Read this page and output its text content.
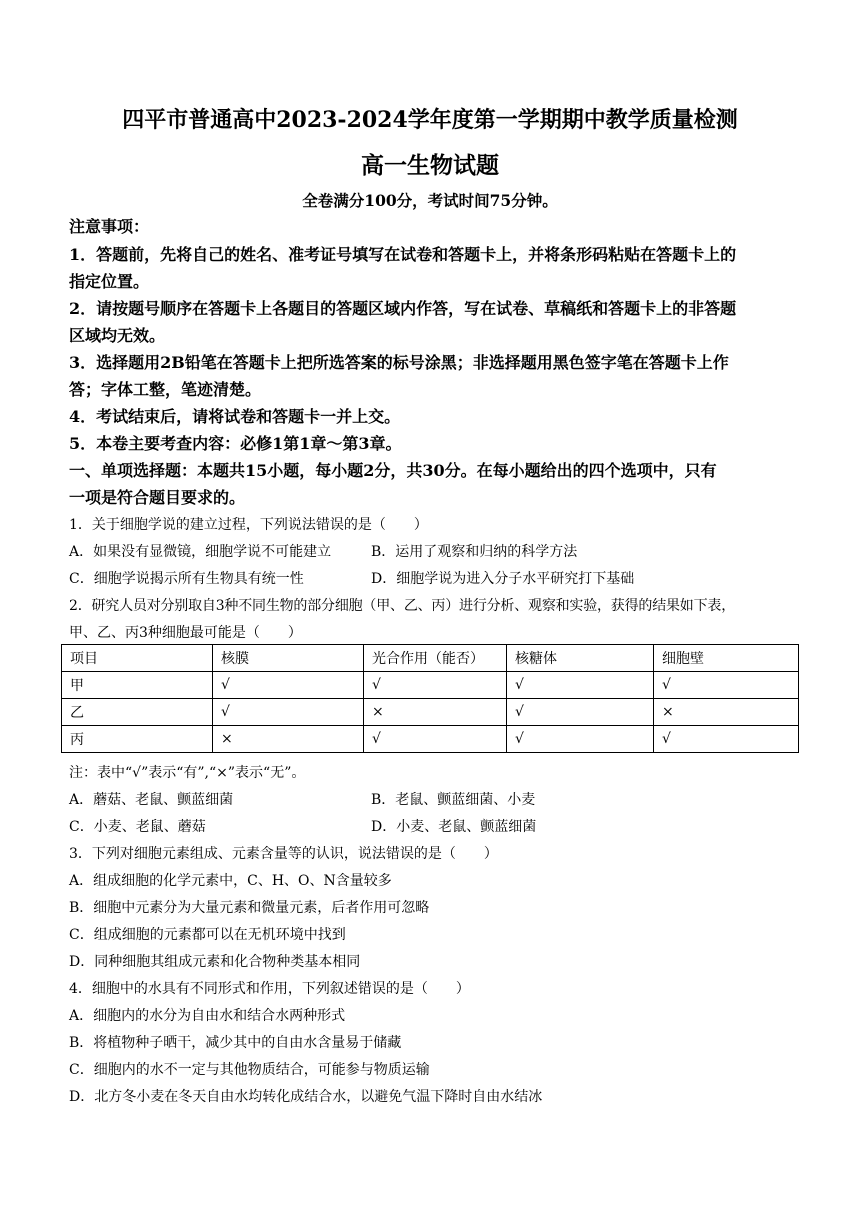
四平市普通高中2023-2024学年度第一学期期中教学质量检测
高一生物试题
全卷满分100分，考试时间75分钟。
注意事项：
1．答题前，先将自己的姓名、准考证号填写在试卷和答题卡上，并将条形码粘贴在答题卡上的
指定位置。
2．请按题号顺序在答题卡上各题目的答题区域内作答，写在试卷、草稿纸和答题卡上的非答题
区域均无效。
3．选择题用2B铅笔在答题卡上把所选答案的标号涂黑；非选择题用黑色签字笔在答题卡上作
答；字体工整，笔迹清楚。
4．考试结束后，请将试卷和答题卡一并上交。
5．本卷主要考查内容：必修1第1章～第3章。
一、单项选择题：本题共15小题，每小题2分，共30分。在每小题给出的四个选项中，只有
一项是符合题目要求的。
1．关于细胞学说的建立过程，下列说法错误的是（　　）
A．如果没有显微镜，细胞学说不可能建立	B．运用了观察和归纳的科学方法
C．细胞学说揭示所有生物具有统一性	D．细胞学说为进入分子水平研究打下基础
2．研究人员对分别取自3种不同生物的部分细胞（甲、乙、丙）进行分析、观察和实验，获得的结果如下表，
甲、乙、丙3种细胞最可能是（　　）
项目	核膜	光合作用（能否）	核糖体	细胞壁
甲	√	√	√	√
乙	√	×	√	×
丙	×	√	√	√
注：表中“√”表示“有”,“×”表示“无”。
A．蘑菇、老鼠、颤蓝细菌	B．老鼠、颤蓝细菌、小麦
C．小麦、老鼠、蘑菇	D．小麦、老鼠、颤蓝细菌
3．下列对细胞元素组成、元素含量等的认识，说法错误的是（　　）
A．组成细胞的化学元素中，C、H、O、N含量较多
B．细胞中元素分为大量元素和微量元素，后者作用可忽略
C．组成细胞的元素都可以在无机环境中找到
D．同种细胞其组成元素和化合物种类基本相同
4．细胞中的水具有不同形式和作用，下列叙述错误的是（　　）
A．细胞内的水分为自由水和结合水两种形式
B．将植物种子晒干，减少其中的自由水含量易于储藏
C．细胞内的水不一定与其他物质结合，可能参与物质运输
D．北方冬小麦在冬天自由水均转化成结合水，以避免气温下降时自由水结冰
